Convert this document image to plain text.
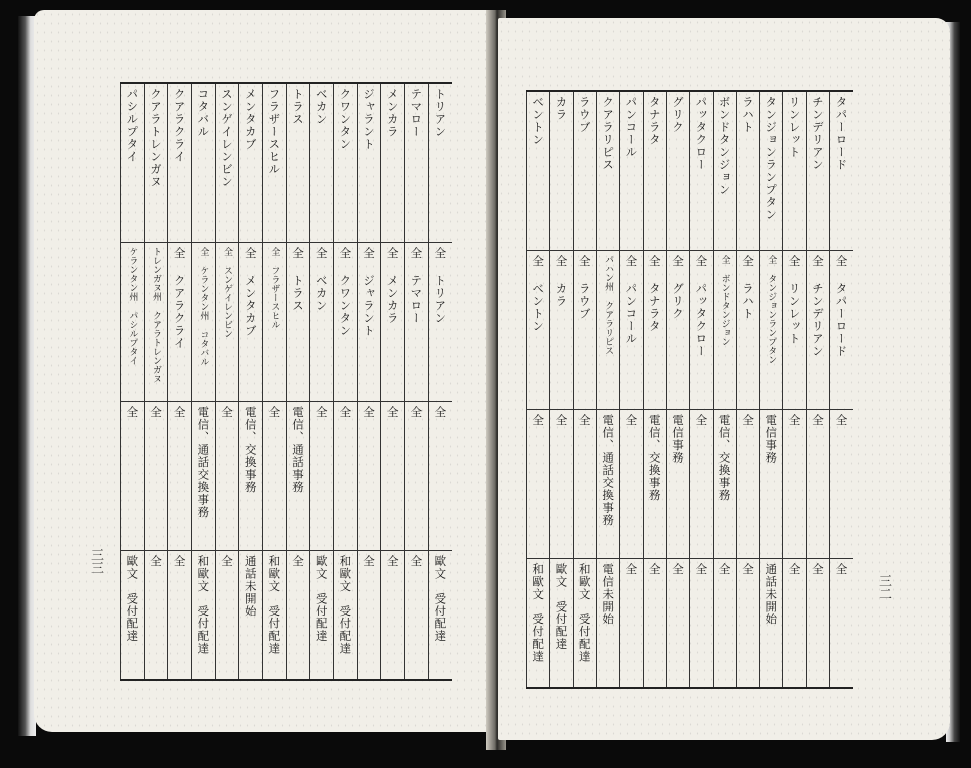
パシルプタイ	クアラトレンガヌ	クアラクライ	コタバル	スンゲイレンビン	メンタカブ	フラザースヒル	トラス	ベカン	クワンタン	ジャラント	メンカラ	テマロー	トリアン

ケランタン州 パシルプタイ	トレンガヌ州 クアラトレンガヌ	全 クアラクライ	全 ケランタン州 コタバル	全 スンゲイレンビン	全 メンタカブ	全 フラザースヒル	全 トラス	全 ベカン	全 クワンタン	全 ジャラント	全 メンカラ	全 テマロー	全 トリアン

全	全	全	電信、通話交換事務	全	電信、交換事務	全	電信、通話事務	全	全	全	全	全	全

歐文　受付配達	全	全	和歐文　受付配達	全	通話未開始	和歐文　受付配達	全	歐文　受付配達	和歐文　受付配達	全	全	全	歐文　受付配達
三三
ベントン	カラ	ラウブ	クアラリピス	パンコール	タナラタ	グリク	パッタクロー	ボンドタンジョン	ラハト	タンジョンランプタン	リンレット	チンデリアン	タパーロード

全 ベントン	全 カラ	全 ラウブ	パハン州 クアラリピス	全 パンコール	全 タナラタ	全 グリク	全 パッタクロー	全 ボンドタンジョン	全 ラハト	全 タンジョンランプタン	全 リンレット	全 チンデリアン	全 タパーロード

全	全	全	電信、通話交換事務	全	電信、交換事務	電信事務	全	電信、交換事務	全	電信事務	全	全	全

和歐文　受付配達	歐文　受付配達	和歐文　受付配達	電信未開始	全	全	全	全	全	全	通話未開始	全	全	全
三二
